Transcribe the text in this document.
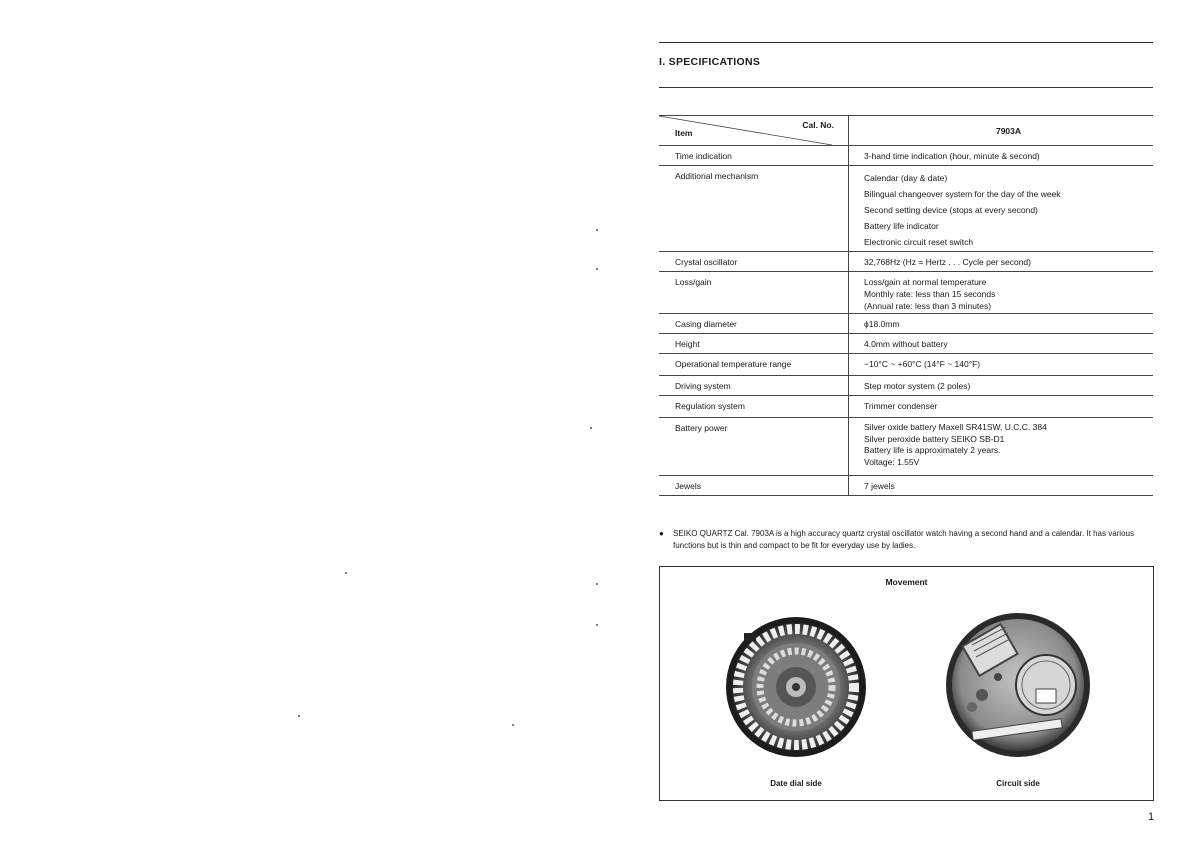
I. SPECIFICATIONS
Item
Cal. No.	7903A
Time indication	3-hand time indication (hour, minute & second)

Additional mechanism	Calendar (day & date)
Bilingual changeover system for the day of the week
Second setting device (stops at every second)
Battery life indicator
Electronic circuit reset switch

Crystal oscillator	32,768Hz (Hz = Hertz . . . Cycle per second)

Loss/gain	Loss/gain at normal temperature
Monthly rate: less than 15 seconds
(Annual rate: less than 3 minutes)

Casing diameter	ϕ18.0mm

Height	4.0mm without battery

Operational temperature range	−10°C ~ +60°C (14°F ~ 140°F)

Driving system	Step motor system (2 poles)

Regulation system	Trimmer condenser

Battery power	Silver oxide battery Maxell SR41SW, U.C.C. 384
Silver peroxide battery SEIKO SB-D1
Battery life is approximately 2 years.
Voltage: 1.55V

Jewels	7 jewels
● SEIKO QUARTZ Cal. 7903A is a high accuracy quartz crystal oscillator watch having a second hand and a calendar. It has various functions but is thin and compact to be fit for everyday use by ladies.
Movement
Date dial side	Circuit side
1
